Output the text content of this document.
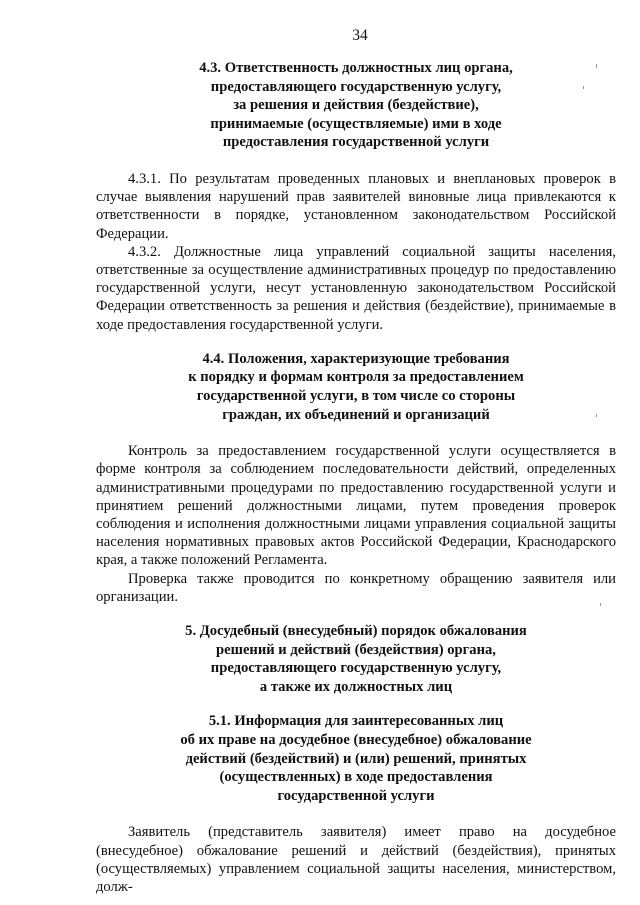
34
4.3. Ответственность должностных лиц органа,
предоставляющего государственную услугу,
за решения и действия (бездействие),
принимаемые (осуществляемые) ими в ходе
предоставления государственной услуги

4.3.1. По результатам проведенных плановых и внеплановых проверок в случае выявления нарушений прав заявителей виновные лица привлекаются к ответственности в порядке, установленном законодательством Российской Федерации.

4.3.2. Должностные лица управлений социальной защиты населения, ответственные за осуществление административных процедур по предоставлению государственной услуги, несут установленную законодательством Российской Федерации ответственность за решения и действия (бездействие), принимаемые в ходе предоставления государственной услуги.

4.4. Положения, характеризующие требования
к порядку и формам контроля за предоставлением
государственной услуги, в том числе со стороны
граждан, их объединений и организаций

Контроль за предоставлением государственной услуги осуществляется в форме контроля за соблюдением последовательности действий, определенных административными процедурами по предоставлению государственной услуги и принятием решений должностными лицами, путем проведения проверок соблюдения и исполнения должностными лицами управления социальной защиты населения нормативных правовых актов Российской Федерации, Краснодарского края, а также положений Регламента.

Проверка также проводится по конкретному обращению заявителя или организации.

5. Досудебный (внесудебный) порядок обжалования
решений и действий (бездействия) органа,
предоставляющего государственную услугу,
а также их должностных лиц
5.1. Информация для заинтересованных лиц
об их праве на досудебное (внесудебное) обжалование
действий (бездействий) и (или) решений, принятых
(осуществленных) в ходе предоставления
государственной услуги

Заявитель (представитель заявителя) имеет право на досудебное (внесудебное) обжалование решений и действий (бездействия), принятых (осуществляемых) управлением социальной защиты населения, министерством, долж-
